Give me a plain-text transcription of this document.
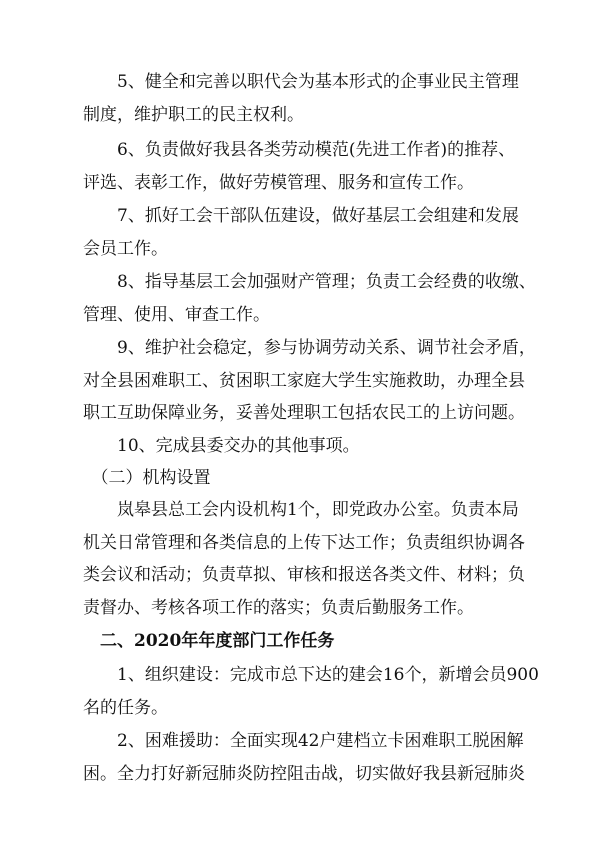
　　5、健全和完善以职代会为基本形式的企事业民主管理
制度，维护职工的民主权利。

　　6、负责做好我县各类劳动模范(先进工作者)的推荐、
评选、表彰工作，做好劳模管理、服务和宣传工作。

　　7、抓好工会干部队伍建设，做好基层工会组建和发展
会员工作。

　　8、指导基层工会加强财产管理；负责工会经费的收缴、
管理、使用、审查工作。

　　9、维护社会稳定，参与协调劳动关系、调节社会矛盾，
对全县困难职工、贫困职工家庭大学生实施救助，办理全县
职工互助保障业务，妥善处理职工包括农民工的上访问题。

　　10、完成县委交办的其他事项。

　（二）机构设置

　　岚皋县总工会内设机构1个，即党政办公室。负责本局
机关日常管理和各类信息的上传下达工作；负责组织协调各
类会议和活动；负责草拟、审核和报送各类文件、材料；负
责督办、考核各项工作的落实；负责后勤服务工作。

　二、2020年年度部门工作任务

　　1、组织建设：完成市总下达的建会16个，新增会员900
名的任务。

　　2、困难援助：全面实现42户建档立卡困难职工脱困解
困。全力打好新冠肺炎防控阻击战，切实做好我县新冠肺炎
